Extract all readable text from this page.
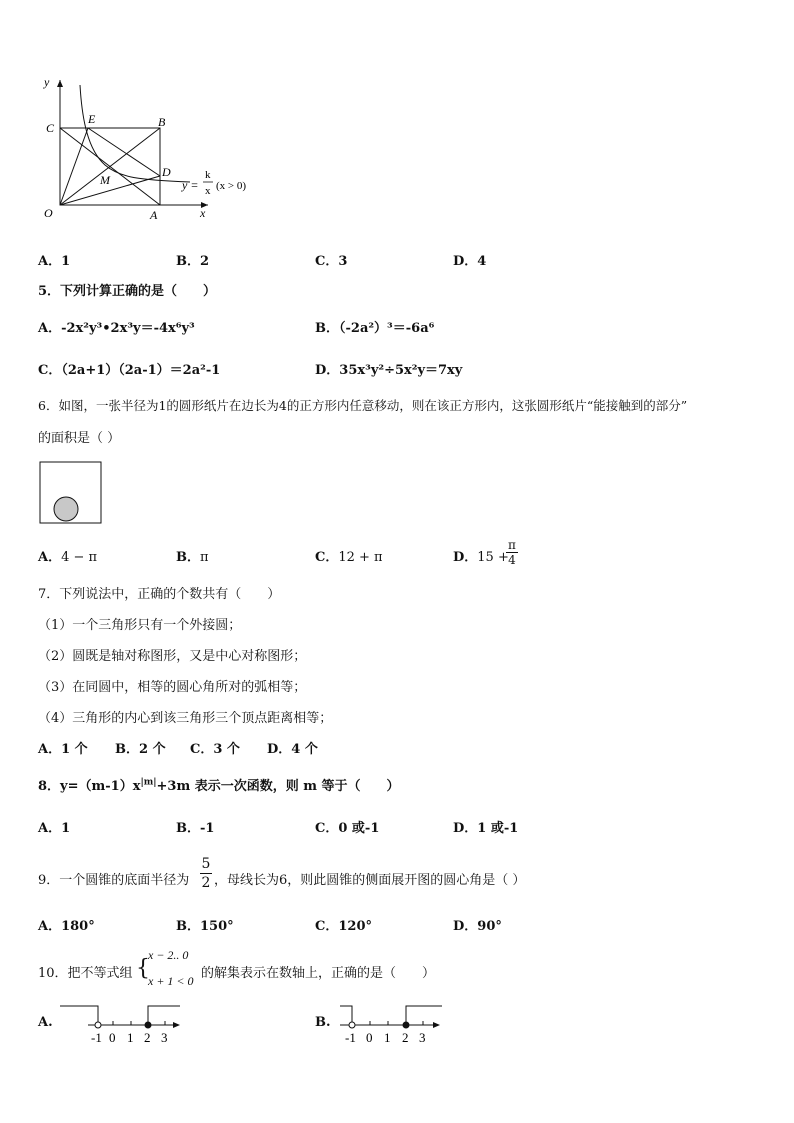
y
x
O	A
B
C
D
E
M	y =
k
x (x > 0)
A．1	B．2	C．3	D．4
5．下列计算正确的是（　　）
A．-2x²y³•2x³y＝-4x⁶y³	B．（-2a²）³＝-6a⁶
C．（2a+1）（2a-1）＝2a²-1	D．35x³y²÷5x²y＝7xy
6．如图，一张半径为1的圆形纸片在边长为4的正方形内任意移动，则在该正方形内，这张圆形纸片“能接触到的部分”
的面积是（ ）
A．4 − π	B．π	C．12 + π	D．15 +
$\frac{\pi}{4}$
7．下列说法中，正确的个数共有（　　）
（1）一个三角形只有一个外接圆；
（2）圆既是轴对称图形，又是中心对称图形；
（3）在同圆中，相等的圆心角所对的弧相等；
（4）三角形的内心到该三角形三个顶点距离相等；
A．1 个 B．2 个 C．3 个 D．4 个
8．$y=(m-1)x^{|m|}+3m$ 表示一次函数，则 m 等于（　　）
A．1	B．-1	C．0 或-1	D．1 或-1
9．一个圆锥的底面半径为 $\frac{5}{2}$ ，母线长为6，则此圆锥的侧面展开图的圆心角是（ ）
A．180°	B．150°	C．120°	D．90°
10．把不等式组 {
x − 2.. 0
x + 1 < 0 的解集表示在数轴上，正确的是（　　）
A.
-1 0 1 2 3
B.
-1 0 1 2 3
